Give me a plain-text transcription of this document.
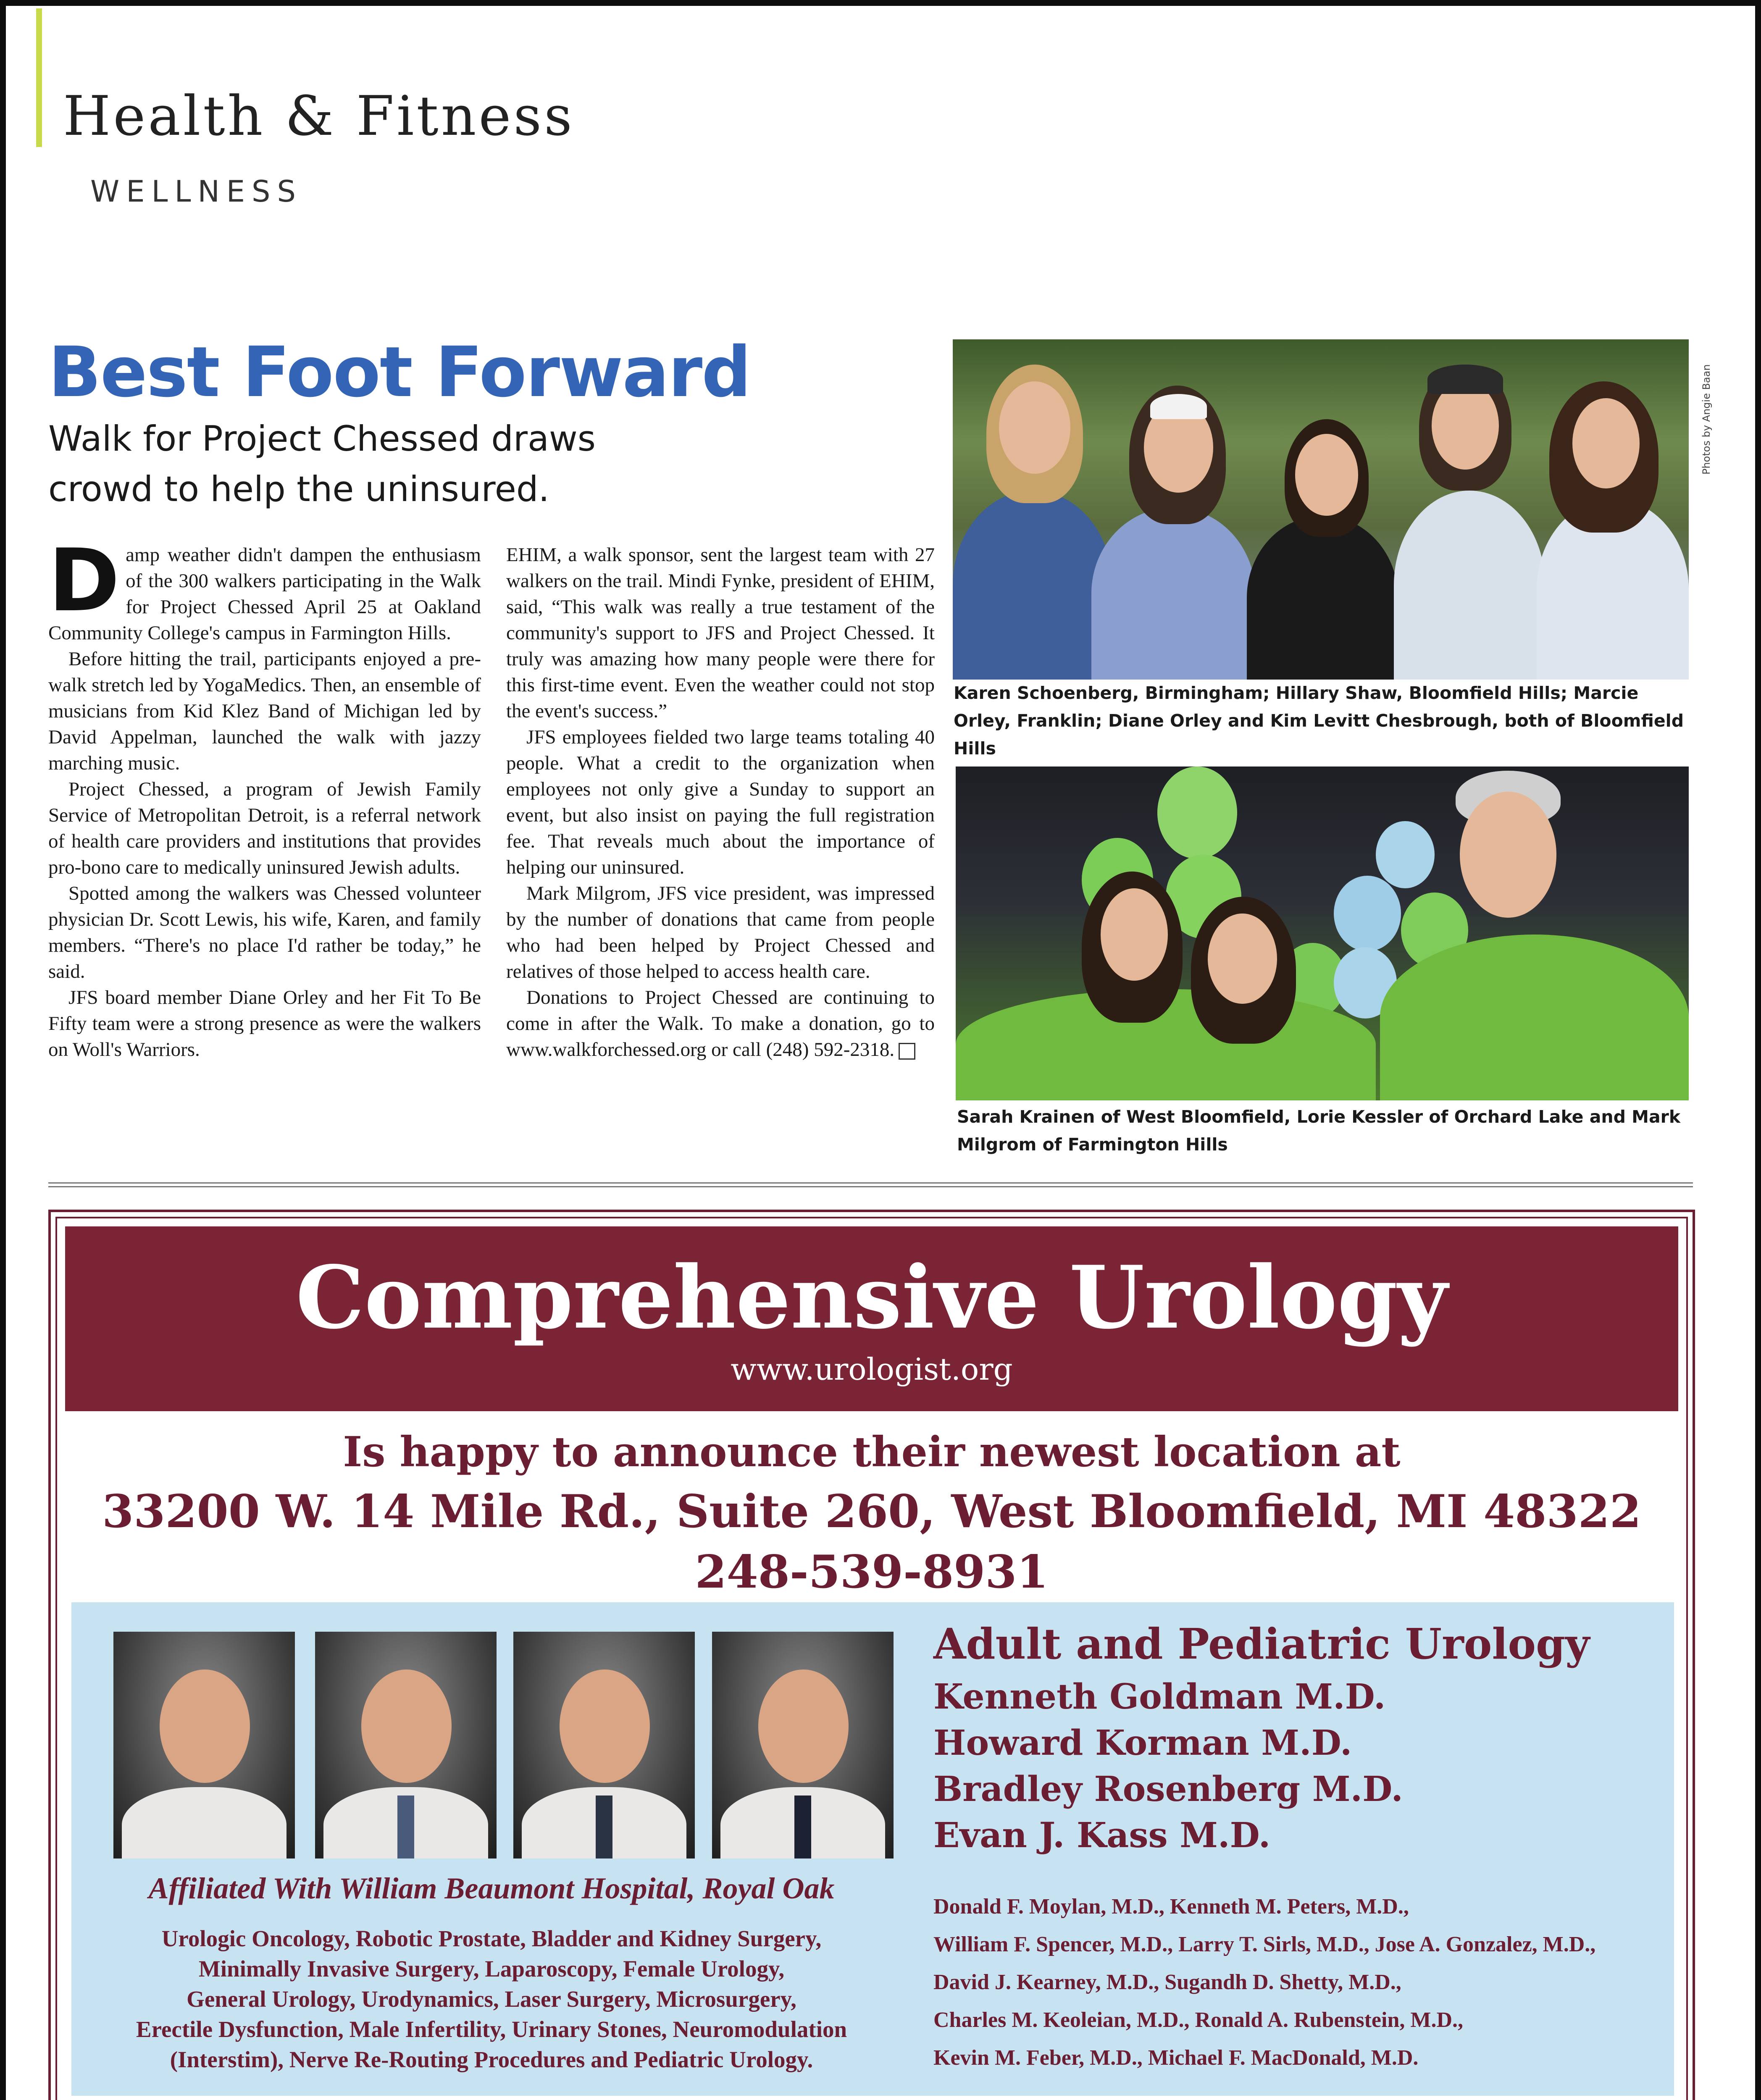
Health & Fitness
WELLNESS
Best Foot Forward
Walk for Project Chessed draws crowd to help the uninsured.

Damp weather didn't dampen the enthusiasm of the 300 walkers participating in the Walk for Project Chessed April 25 at Oakland Community College's campus in Farmington Hills.

Before hitting the trail, participants enjoyed a pre-walk stretch led by YogaMedics. Then, an ensemble of musicians from Kid Klez Band of Michigan led by David Appelman, launched the walk with jazzy marching music.

Project Chessed, a program of Jewish Family Service of Metropolitan Detroit, is a referral network of health care providers and institutions that provides pro-bono care to medically uninsured Jewish adults.

Spotted among the walkers was Chessed volunteer physician Dr. Scott Lewis, his wife, Karen, and family members. “There's no place I'd rather be today,” he said.

JFS board member Diane Orley and her Fit To Be Fifty team were a strong presence as were the walkers on Woll's Warriors.

EHIM, a walk sponsor, sent the largest team with 27 walkers on the trail. Mindi Fynke, president of EHIM, said, “This walk was really a true testament of the community's support to JFS and Project Chessed. It truly was amazing how many people were there for this first-time event. Even the weather could not stop the event's success.”

JFS employees fielded two large teams totaling 40 people. What a credit to the organization when employees not only give a Sunday to support an event, but also insist on paying the full registration fee. That reveals much about the importance of helping our uninsured.

Mark Milgrom, JFS vice president, was impressed by the number of donations that came from people who had been helped by Project Chessed and relatives of those helped to access health care.

Donations to Project Chessed are continuing to come in after the Walk. To make a donation, go to www.walkforchessed.org or call (248) 592-2318.

Photos by Angie Baan
Karen Schoenberg, Birmingham; Hillary Shaw, Bloomfield Hills; Marcie Orley, Franklin; Diane Orley and Kim Levitt Chesbrough, both of Bloomfield Hills
Sarah Krainen of West Bloomfield, Lorie Kessler of Orchard Lake and Mark Milgrom of Farmington Hills
Comprehensive Urology
www.urologist.org
Is happy to announce their newest location at
33200 W. 14 Mile Rd., Suite 260, West Bloomfield, MI 48322
248-539-8931
Adult and Pediatric Urology
Kenneth Goldman M.D.
Howard Korman M.D.
Bradley Rosenberg M.D.
Evan J. Kass M.D.
Donald F. Moylan, M.D., Kenneth M. Peters, M.D.,
William F. Spencer, M.D., Larry T. Sirls, M.D., Jose A. Gonzalez, M.D.,
David J. Kearney, M.D., Sugandh D. Shetty, M.D.,
Charles M. Keoleian, M.D., Ronald A. Rubenstein, M.D.,
Kevin M. Feber, M.D., Michael F. MacDonald, M.D.
Affiliated With William Beaumont Hospital, Royal Oak
Urologic Oncology, Robotic Prostate, Bladder and Kidney Surgery,
Minimally Invasive Surgery, Laparoscopy, Female Urology,
General Urology, Urodynamics, Laser Surgery, Microsurgery,
Erectile Dysfunction, Male Infertility, Urinary Stones, Neuromodulation
(Interstim), Nerve Re-Routing Procedures and Pediatric Urology.
